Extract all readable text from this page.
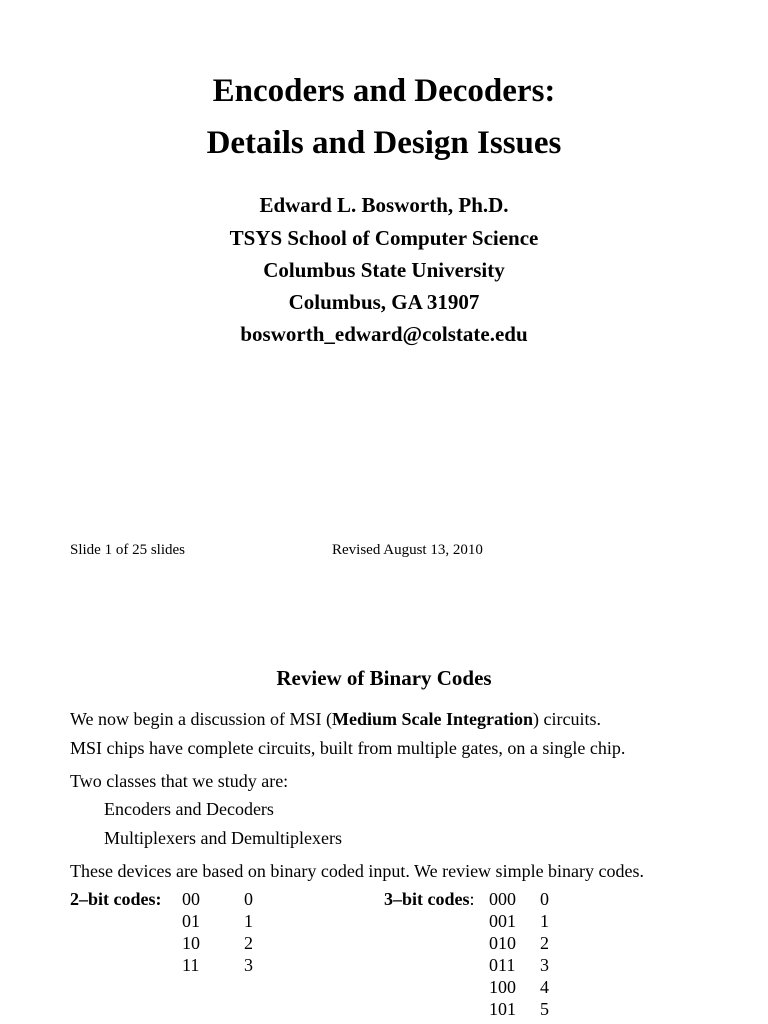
Encoders and Decoders:
Details and Design Issues
Edward L. Bosworth, Ph.D.
TSYS School of Computer Science
Columbus State University
Columbus, GA 31907
bosworth_edward@colstate.edu
Slide 1 of 25 slides	Revised August 13, 2010
Review of Binary Codes
We now begin a discussion of MSI (Medium Scale Integration) circuits.
MSI chips have complete circuits, built from multiple gates, on a single chip.
Two classes that we study are:
Encoders and Decoders
Multiplexers and Demultiplexers
These devices are based on binary coded input. We review simple binary codes.
2–bit codes: 00 0
01 1
10 2
11 3
3–bit codes: 000 0
001 1
010 2
011 3
100 4
101 5
